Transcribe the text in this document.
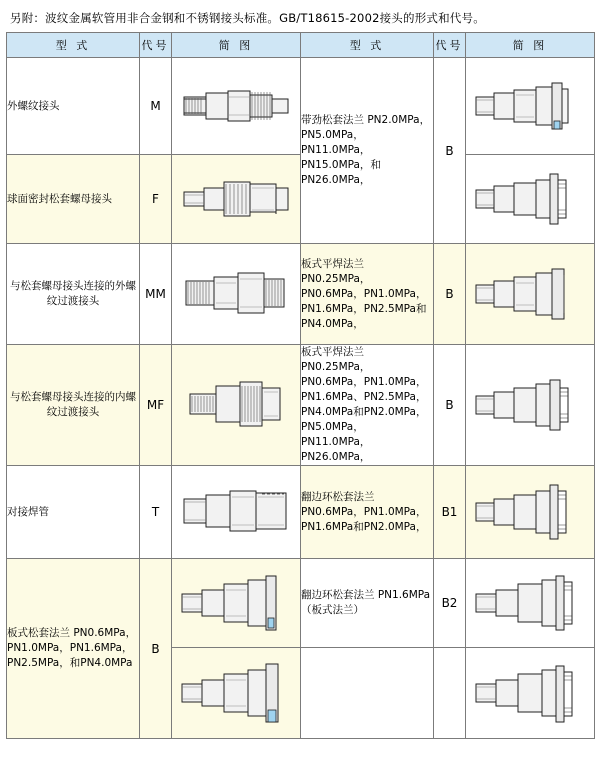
另附：波纹金属软管用非合金钢和不锈钢接头标准。GB/T18615-2002接头的形式和代号。
型 式	代号	简 图	型 式	代号	简 图
外螺纹接头	M		带劲松套法兰 PN2.0MPa，PN5.0MPa，PN11.0MPa，PN15.0MPa，和 PN26.0MPa，	B	

球面密封松套螺母接头	F	

与松套螺母接头连接的外螺纹过渡接头	MM		板式平焊法兰 PN0.25MPa，PN0.6MPa，PN1.0MPa，PN1.6MPa，PN2.5MPa和PN4.0MPa，	B	

与松套螺母接头连接的内螺纹过渡接头	MF		板式平焊法兰 PN0.25MPa，PN0.6MPa，PN1.0MPa，PN1.6MPa、PN2.5MPa，PN4.0MPa和PN2.0MPa，PN5.0MPa，PN11.0MPa，PN26.0MPa，	B	

对接焊管	T		翻边环松套法兰 PN0.6MPa，PN1.0MPa，PN1.6MPa和PN2.0MPa，	B1	

板式松套法兰 PN0.6MPa，PN1.0MPa，PN1.6MPa，PN2.5MPa，和PN4.0MPa	B		翻边环松套法兰 PN1.6MPa（板式法兰）	B2	
